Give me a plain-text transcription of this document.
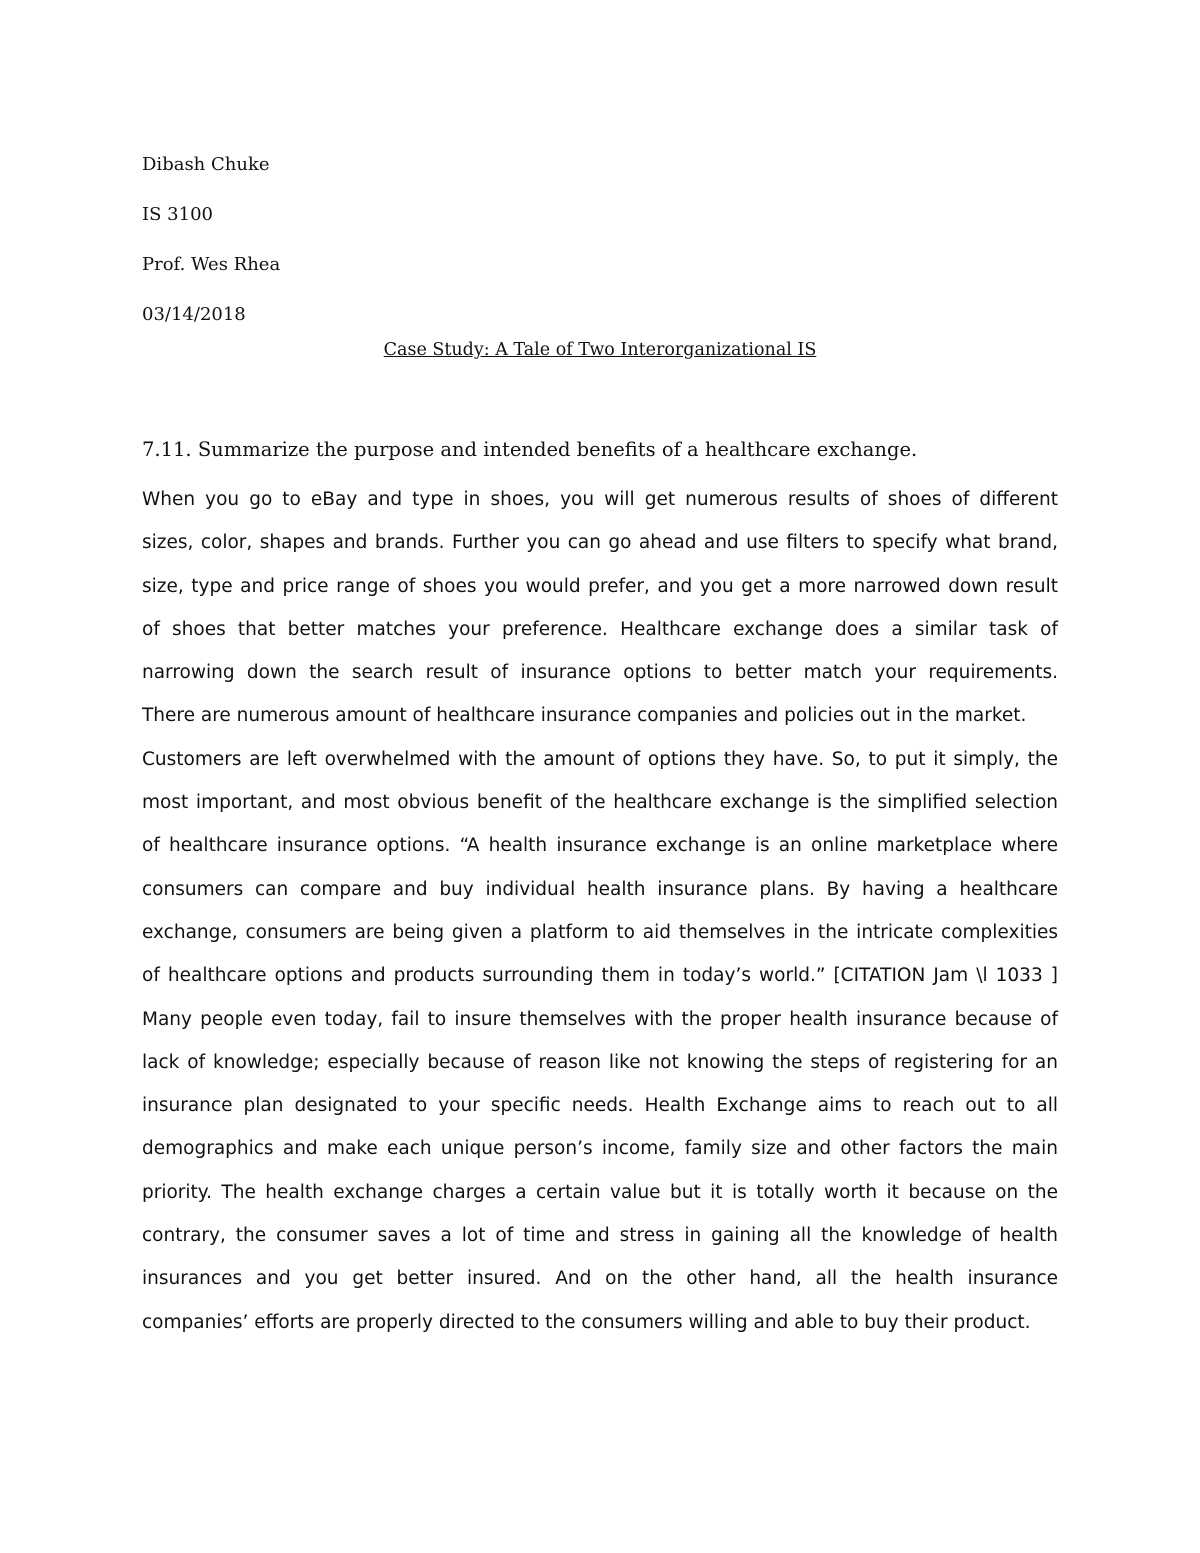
Dibash Chuke
IS 3100
Prof. Wes Rhea
03/14/2018
Case Study: A Tale of Two Interorganizational IS
7.11. Summarize the purpose and intended benefits of a healthcare exchange.
When you go to eBay and type in shoes, you will get numerous results of shoes of different
sizes, color, shapes and brands. Further you can go ahead and use filters to specify what brand,
size, type and price range of shoes you would prefer, and you get a more narrowed down result
of shoes that better matches your preference. Healthcare exchange does a similar task of
narrowing down the search result of insurance options to better match your requirements.
There are numerous amount of healthcare insurance companies and policies out in the market.
Customers are left overwhelmed with the amount of options they have. So, to put it simply, the
most important, and most obvious benefit of the healthcare exchange is the simplified selection
of healthcare insurance options. “A health insurance exchange is an online marketplace where
consumers can compare and buy individual health insurance plans. By having a healthcare
exchange, consumers are being given a platform to aid themselves in the intricate complexities
of healthcare options and products surrounding them in today’s world.” [CITATION Jam \l 1033 ]
Many people even today, fail to insure themselves with the proper health insurance because of
lack of knowledge; especially because of reason like not knowing the steps of registering for an
insurance plan designated to your specific needs. Health Exchange aims to reach out to all
demographics and make each unique person’s income, family size and other factors the main
priority. The health exchange charges a certain value but it is totally worth it because on the
contrary, the consumer saves a lot of time and stress in gaining all the knowledge of health
insurances and you get better insured. And on the other hand, all the health insurance
companies’ efforts are properly directed to the consumers willing and able to buy their product.
